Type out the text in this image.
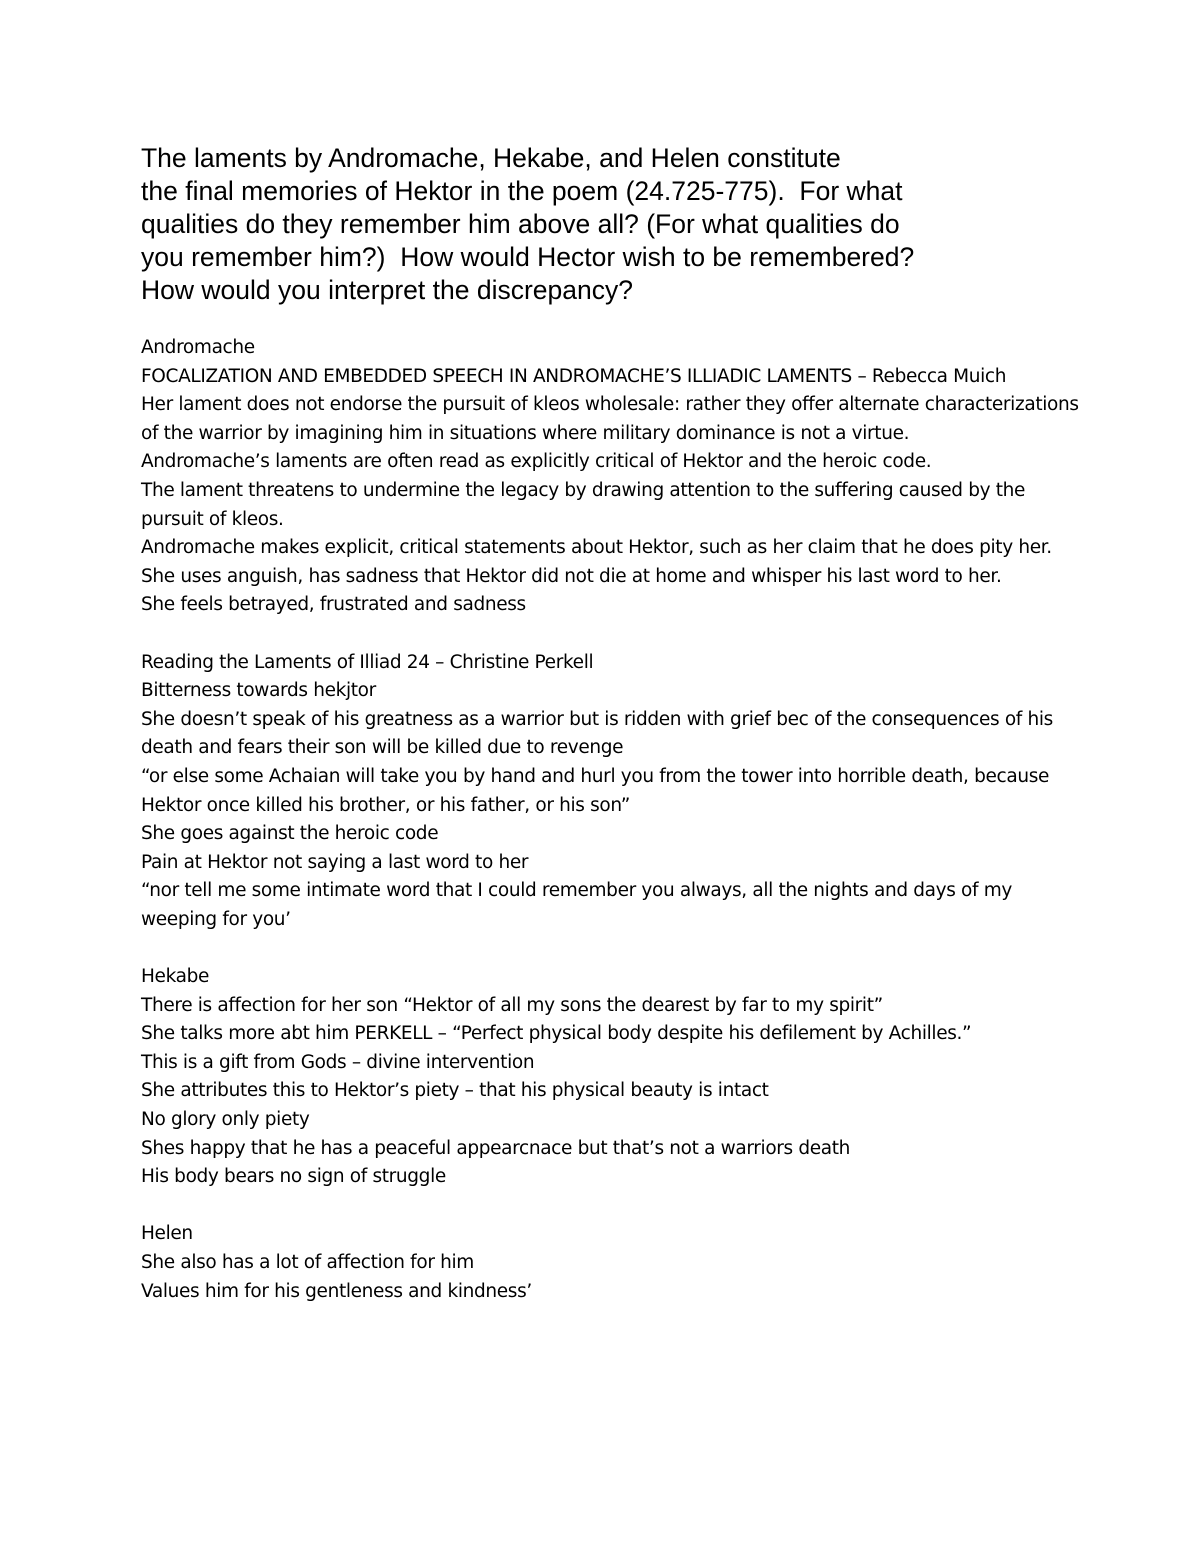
The laments by Andromache, Hekabe, and Helen constitute
the final memories of Hektor in the poem (24.725-775).  For what
qualities do they remember him above all? (For what qualities do
you remember him?)  How would Hector wish to be remembered?
How would you interpret the discrepancy?
Andromache
FOCALIZATION AND EMBEDDED SPEECH IN ANDROMACHE’S ILLIADIC LAMENTS – Rebecca Muich
Her lament does not endorse the pursuit of kleos wholesale: rather they offer alternate characterizations of the warrior by imagining him in situations where military dominance is not a virtue.
Andromache’s laments are often read as explicitly critical of Hektor and the heroic code.
The lament threatens to undermine the legacy by drawing attention to the suffering caused by the pursuit of kleos.
Andromache makes explicit, critical statements about Hektor, such as her claim that he does pity her. She uses anguish, has sadness that Hektor did not die at home and whisper his last word to her.
She feels betrayed, frustrated and sadness
Reading the Laments of Illiad 24 – Christine Perkell
Bitterness towards hekjtor
She doesn’t speak of his greatness as a warrior but is ridden with grief bec of the consequences of his death and fears their son will be killed due to revenge
“or else some Achaian will take you by hand and hurl you from the tower into horrible death, because Hektor once killed his brother, or his father, or his son”
She goes against the heroic code
Pain at Hektor not saying a last word to her
“nor tell me some intimate word that I could remember you always, all the nights and days of my weeping for you’
Hekabe
There is affection for her son “Hektor of all my sons the dearest by far to my spirit”
She talks more abt him PERKELL – “Perfect physical body despite his defilement by Achilles.”
This is a gift from Gods – divine intervention
She attributes this to Hektor’s piety – that his physical beauty is intact
No glory only piety
Shes happy that he has a peaceful appearcnace but that’s not a warriors death
His body bears no sign of struggle
Helen
She also has a lot of affection for him
Values him for his gentleness and kindness’
